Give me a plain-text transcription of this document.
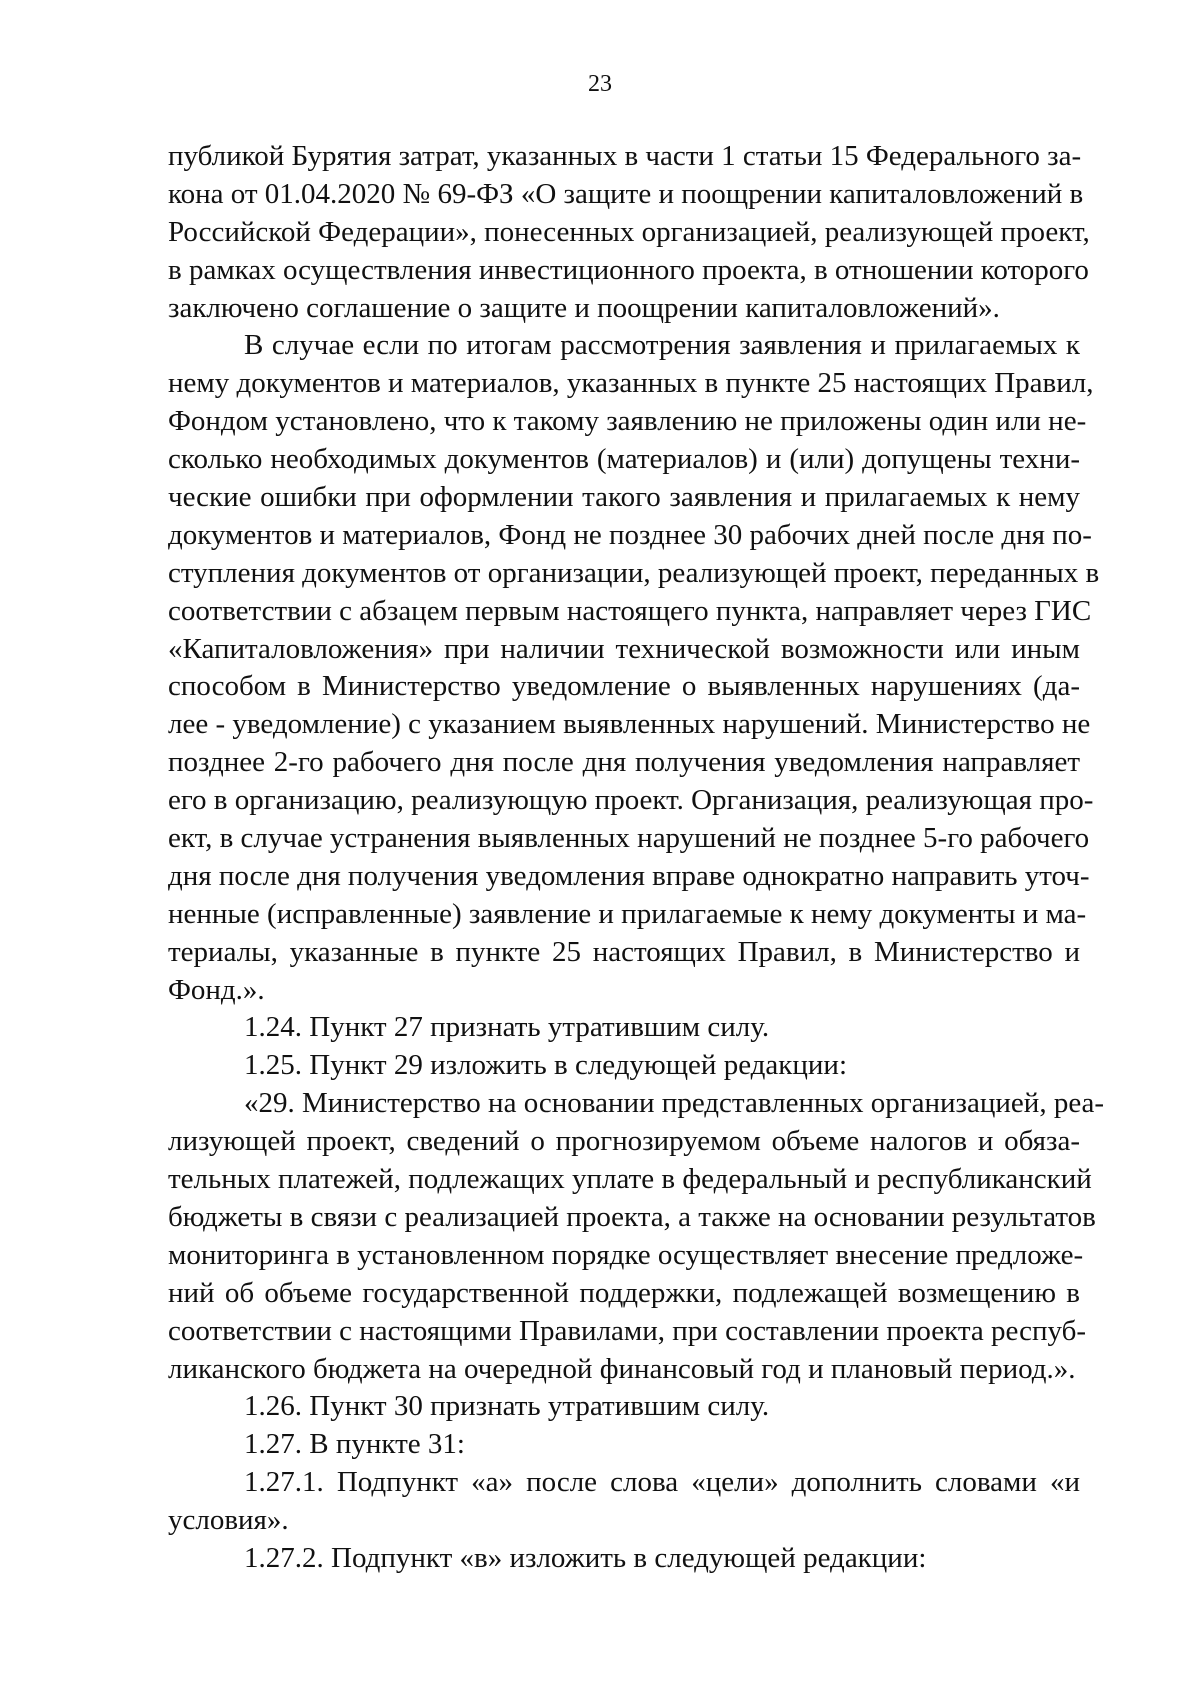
23
публикой Бурятия затрат, указанных в части 1 статьи 15 Федерального за-
кона от 01.04.2020 № 69-ФЗ «О защите и поощрении капиталовложений в
Российской Федерации», понесенных организацией, реализующей проект,
в рамках осуществления инвестиционного проекта, в отношении которого
заключено соглашение о защите и поощрении капиталовложений».
В случае если по итогам рассмотрения заявления и прилагаемых к
нему документов и материалов, указанных в пункте 25 настоящих Правил,
Фондом установлено, что к такому заявлению не приложены один или не-
сколько необходимых документов (материалов) и (или) допущены техни-
ческие ошибки при оформлении такого заявления и прилагаемых к нему
документов и материалов, Фонд не позднее 30 рабочих дней после дня по-
ступления документов от организации, реализующей проект, переданных в
соответствии с абзацем первым настоящего пункта, направляет через ГИС
«Капиталовложения» при наличии технической возможности или иным
способом в Министерство уведомление о выявленных нарушениях (да-
лее - уведомление) с указанием выявленных нарушений. Министерство не
позднее 2-го рабочего дня после дня получения уведомления направляет
его в организацию, реализующую проект. Организация, реализующая про-
ект, в случае устранения выявленных нарушений не позднее 5-го рабочего
дня после дня получения уведомления вправе однократно направить уточ-
ненные (исправленные) заявление и прилагаемые к нему документы и ма-
териалы, указанные в пункте 25 настоящих Правил, в Министерство и
Фонд.».
1.24. Пункт 27 признать утратившим силу.
1.25. Пункт 29 изложить в следующей редакции:
«29. Министерство на основании представленных организацией, реа-
лизующей проект, сведений о прогнозируемом объеме налогов и обяза-
тельных платежей, подлежащих уплате в федеральный и республиканский
бюджеты в связи с реализацией проекта, а также на основании результатов
мониторинга в установленном порядке осуществляет внесение предложе-
ний об объеме государственной поддержки, подлежащей возмещению в
соответствии с настоящими Правилами, при составлении проекта респуб-
ликанского бюджета на очередной финансовый год и плановый период.».
1.26. Пункт 30 признать утратившим силу.
1.27. В пункте 31:
1.27.1. Подпункт «а» после слова «цели» дополнить словами «и
условия».
1.27.2. Подпункт «в» изложить в следующей редакции:
